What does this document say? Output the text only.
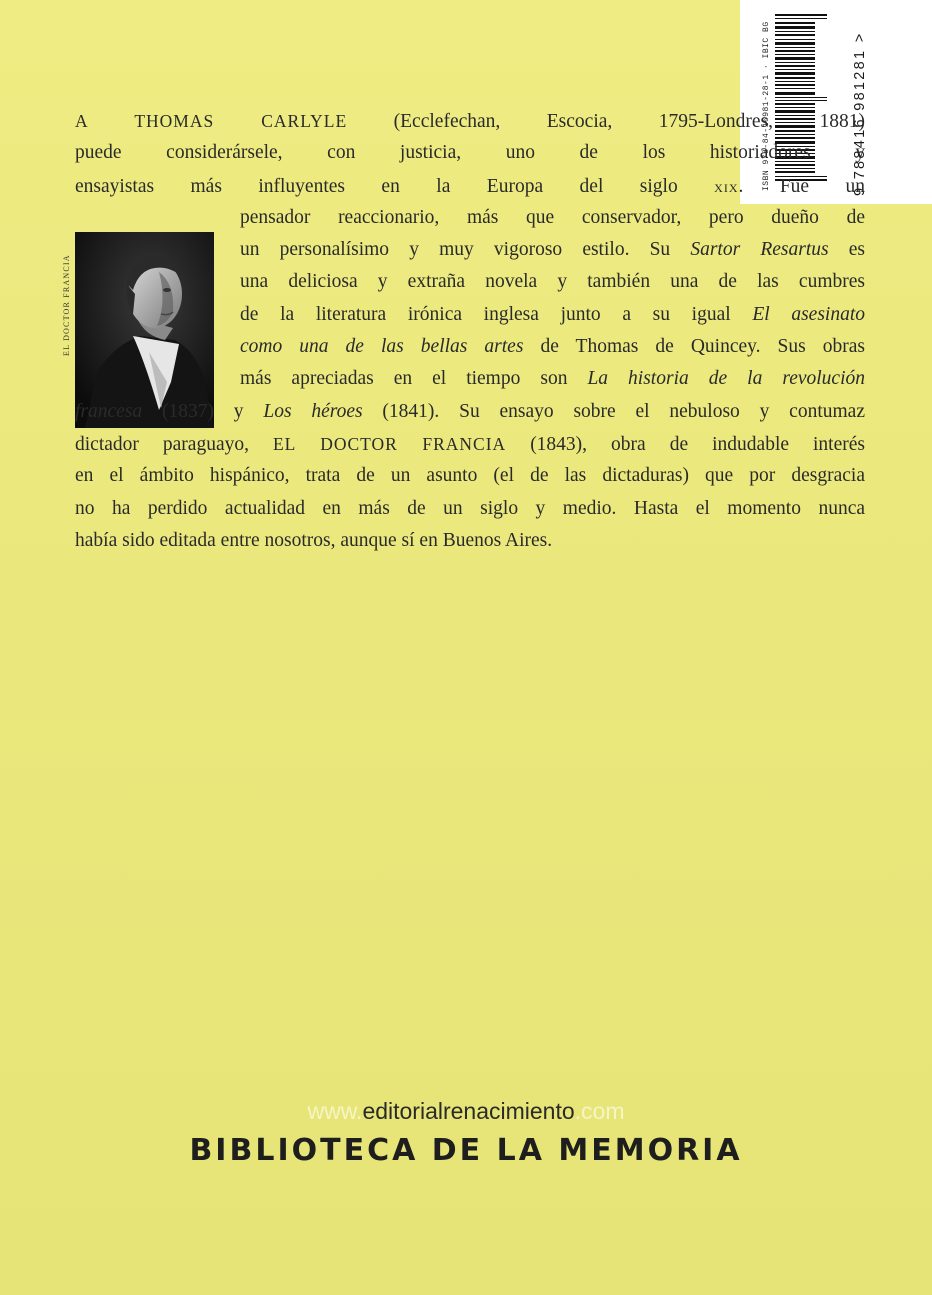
ISBN 978-84-16981-28-1 · IBIC BG	9 788416 981281 >
EL DOCTOR FRANCIA
A THOMAS CARLYLE (Ecclefechan, Escocia, 1795-Londres, 1881)
puede considerársele, con justicia, uno de los historiadores y
ensayistas más influyentes en la Europa del siglo xix. Fue un
pensador reaccionario, más que conservador, pero dueño de
un personalísimo y muy vigoroso estilo. Su Sartor Resartus es
una deliciosa y extraña novela y también una de las cumbres
de la literatura irónica inglesa junto a su igual El asesinato
como una de las bellas artes de Thomas de Quincey. Sus obras
más apreciadas en el tiempo son La historia de la revolución
francesa (1837) y Los héroes (1841). Su ensayo sobre el nebuloso y contumaz
dictador paraguayo, EL DOCTOR FRANCIA (1843), obra de indudable interés
en el ámbito hispánico, trata de un asunto (el de las dictaduras) que por desgracia
no ha perdido actualidad en más de un siglo y medio. Hasta el momento nunca
había sido editada entre nosotros, aunque sí en Buenos Aires.
www.editorialrenacimiento.com
BIBLIOTECA DE LA MEMORIA
